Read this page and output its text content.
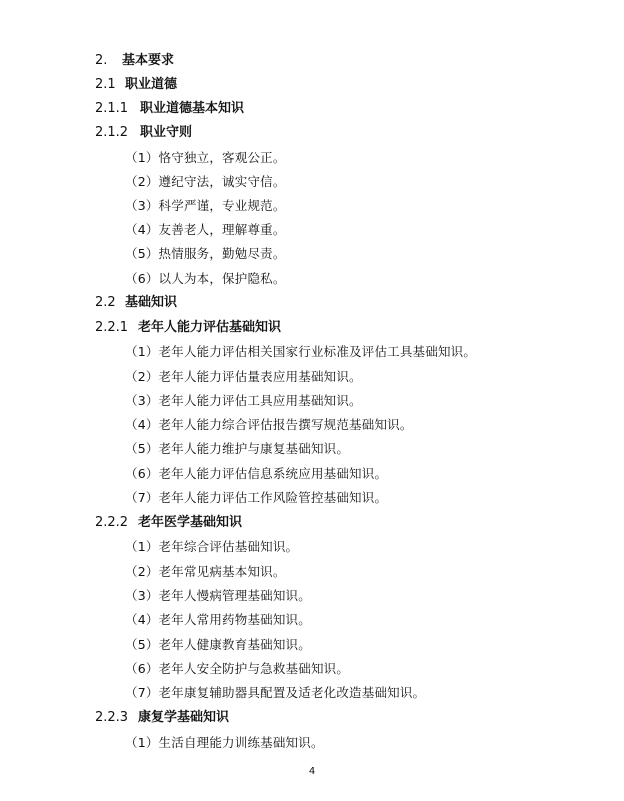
2. 基本要求
2.1 职业道德
2.1.1 职业道德基本知识
2.1.2 职业守则
（1）恪守独立，客观公正。
（2）遵纪守法，诚实守信。
（3）科学严谨，专业规范。
（4）友善老人，理解尊重。
（5）热情服务，勤勉尽责。
（6）以人为本，保护隐私。
2.2 基础知识
2.2.1 老年人能力评估基础知识
（1）老年人能力评估相关国家行业标准及评估工具基础知识。
（2）老年人能力评估量表应用基础知识。
（3）老年人能力评估工具应用基础知识。
（4）老年人能力综合评估报告撰写规范基础知识。
（5）老年人能力维护与康复基础知识。
（6）老年人能力评估信息系统应用基础知识。
（7）老年人能力评估工作风险管控基础知识。
2.2.2 老年医学基础知识
（1）老年综合评估基础知识。
（2）老年常见病基本知识。
（3）老年人慢病管理基础知识。
（4）老年人常用药物基础知识。
（5）老年人健康教育基础知识。
（6）老年人安全防护与急救基础知识。
（7）老年康复辅助器具配置及适老化改造基础知识。
2.2.3 康复学基础知识
（1）生活自理能力训练基础知识。
4
